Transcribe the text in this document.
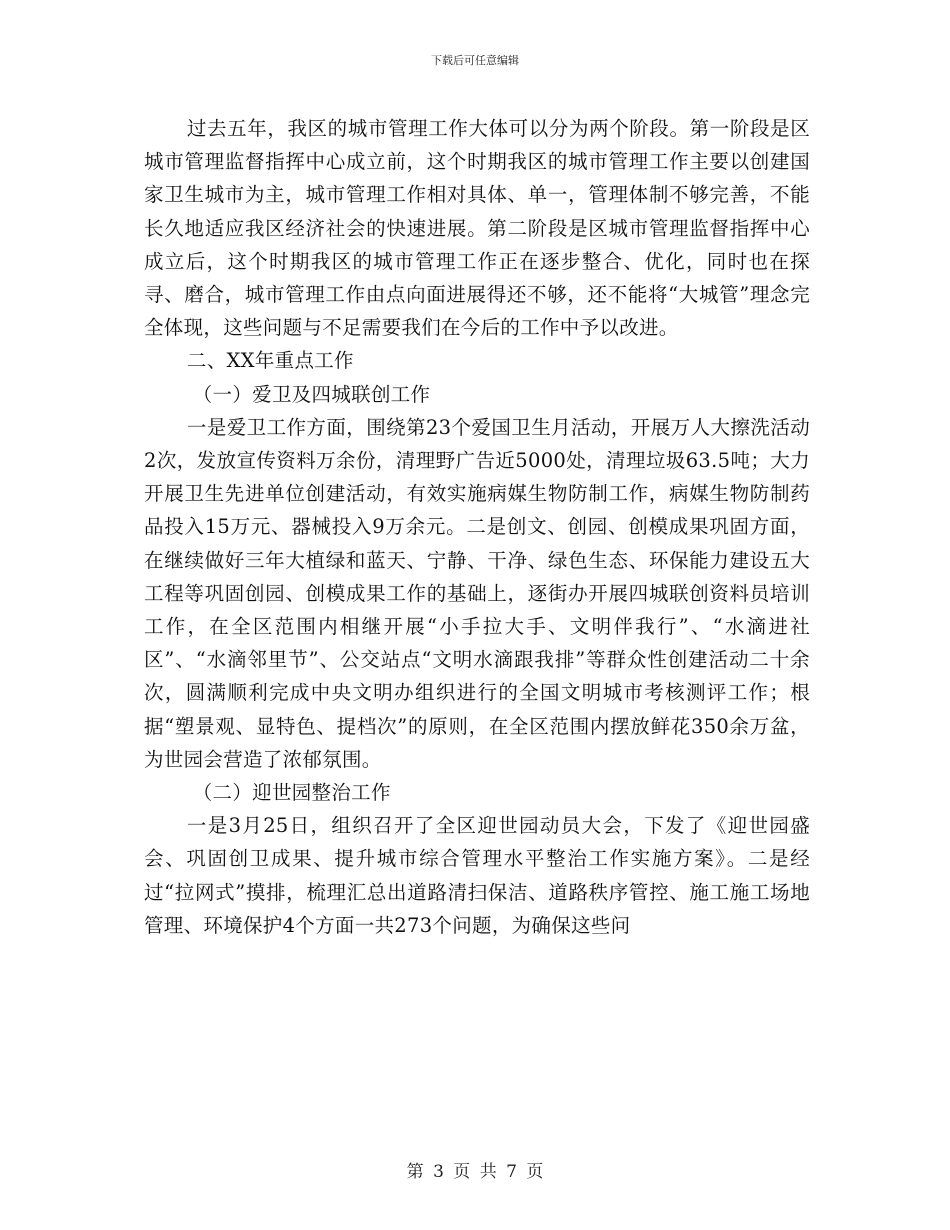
下载后可任意编辑

过去五年，我区的城市管理工作大体可以分为两个阶段。第一阶段是区城市管理监督指挥中心成立前，这个时期我区的城市管理工作主要以创建国家卫生城市为主，城市管理工作相对具体、单一，管理体制不够完善，不能长久地适应我区经济社会的快速进展。第二阶段是区城市管理监督指挥中心成立后，这个时期我区的城市管理工作正在逐步整合、优化，同时也在探寻、磨合，城市管理工作由点向面进展得还不够，还不能将“大城管”理念完全体现，这些问题与不足需要我们在今后的工作中予以改进。

二、XX年重点工作

（一）爱卫及四城联创工作

一是爱卫工作方面，围绕第23个爱国卫生月活动，开展万人大擦洗活动2次，发放宣传资料万余份，清理野广告近5000处，清理垃圾63.5吨；大力开展卫生先进单位创建活动，有效实施病媒生物防制工作，病媒生物防制药品投入15万元、器械投入9万余元。二是创文、创园、创模成果巩固方面，在继续做好三年大植绿和蓝天、宁静、干净、绿色生态、环保能力建设五大工程等巩固创园、创模成果工作的基础上，逐街办开展四城联创资料员培训工作，在全区范围内相继开展“小手拉大手、文明伴我行”、“水滴进社区”、“水滴邻里节”、公交站点“文明水滴跟我排”等群众性创建活动二十余次，圆满顺利完成中央文明办组织进行的全国文明城市考核测评工作；根据“塑景观、显特色、提档次”的原则，在全区范围内摆放鲜花350余万盆，为世园会营造了浓郁氛围。

（二）迎世园整治工作

一是3月25日，组织召开了全区迎世园动员大会，下发了《迎世园盛会、巩固创卫成果、提升城市综合管理水平整治工作实施方案》。二是经过“拉网式”摸排，梳理汇总出道路清扫保洁、道路秩序管控、施工施工场地管理、环境保护4个方面一共273个问题，为确保这些问

第 3 页 共 7 页
